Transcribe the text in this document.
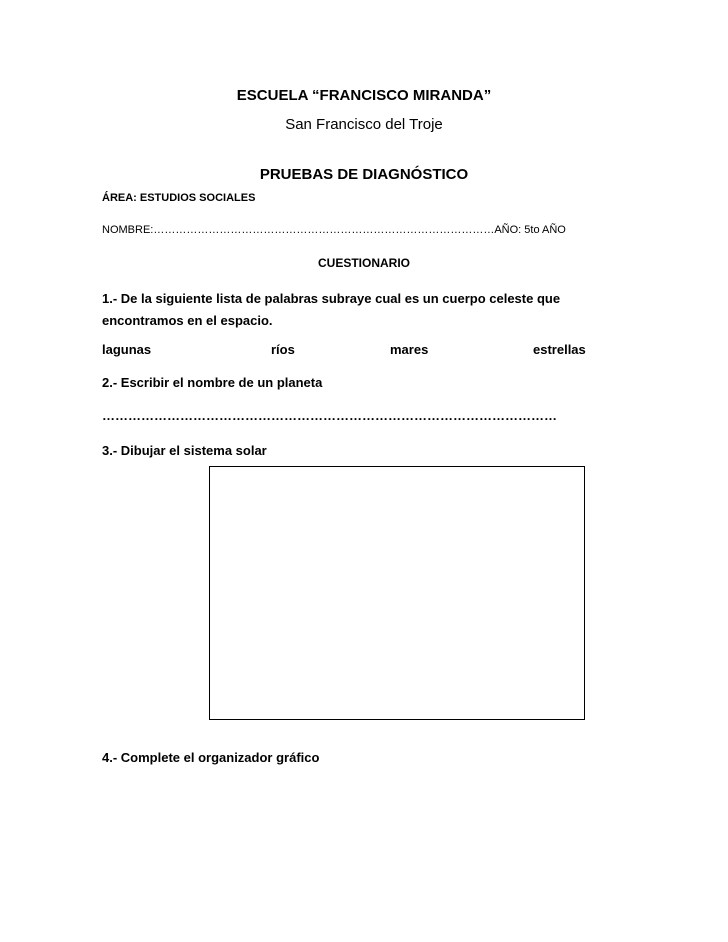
ESCUELA “FRANCISCO MIRANDA”
San Francisco del Troje
PRUEBAS DE DIAGNÓSTICO
ÁREA: ESTUDIOS SOCIALES
NOMBRE:…………………………………………………………………………………AÑO: 5to AÑO
CUESTIONARIO
1.- De la siguiente lista de palabras subraye cual es un cuerpo celeste que encontramos en el espacio.
lagunas	ríos	mares	estrellas
2.- Escribir el nombre de un planeta
……………………………………………………………………………………………
3.- Dibujar el sistema solar
4.- Complete el organizador gráfico
